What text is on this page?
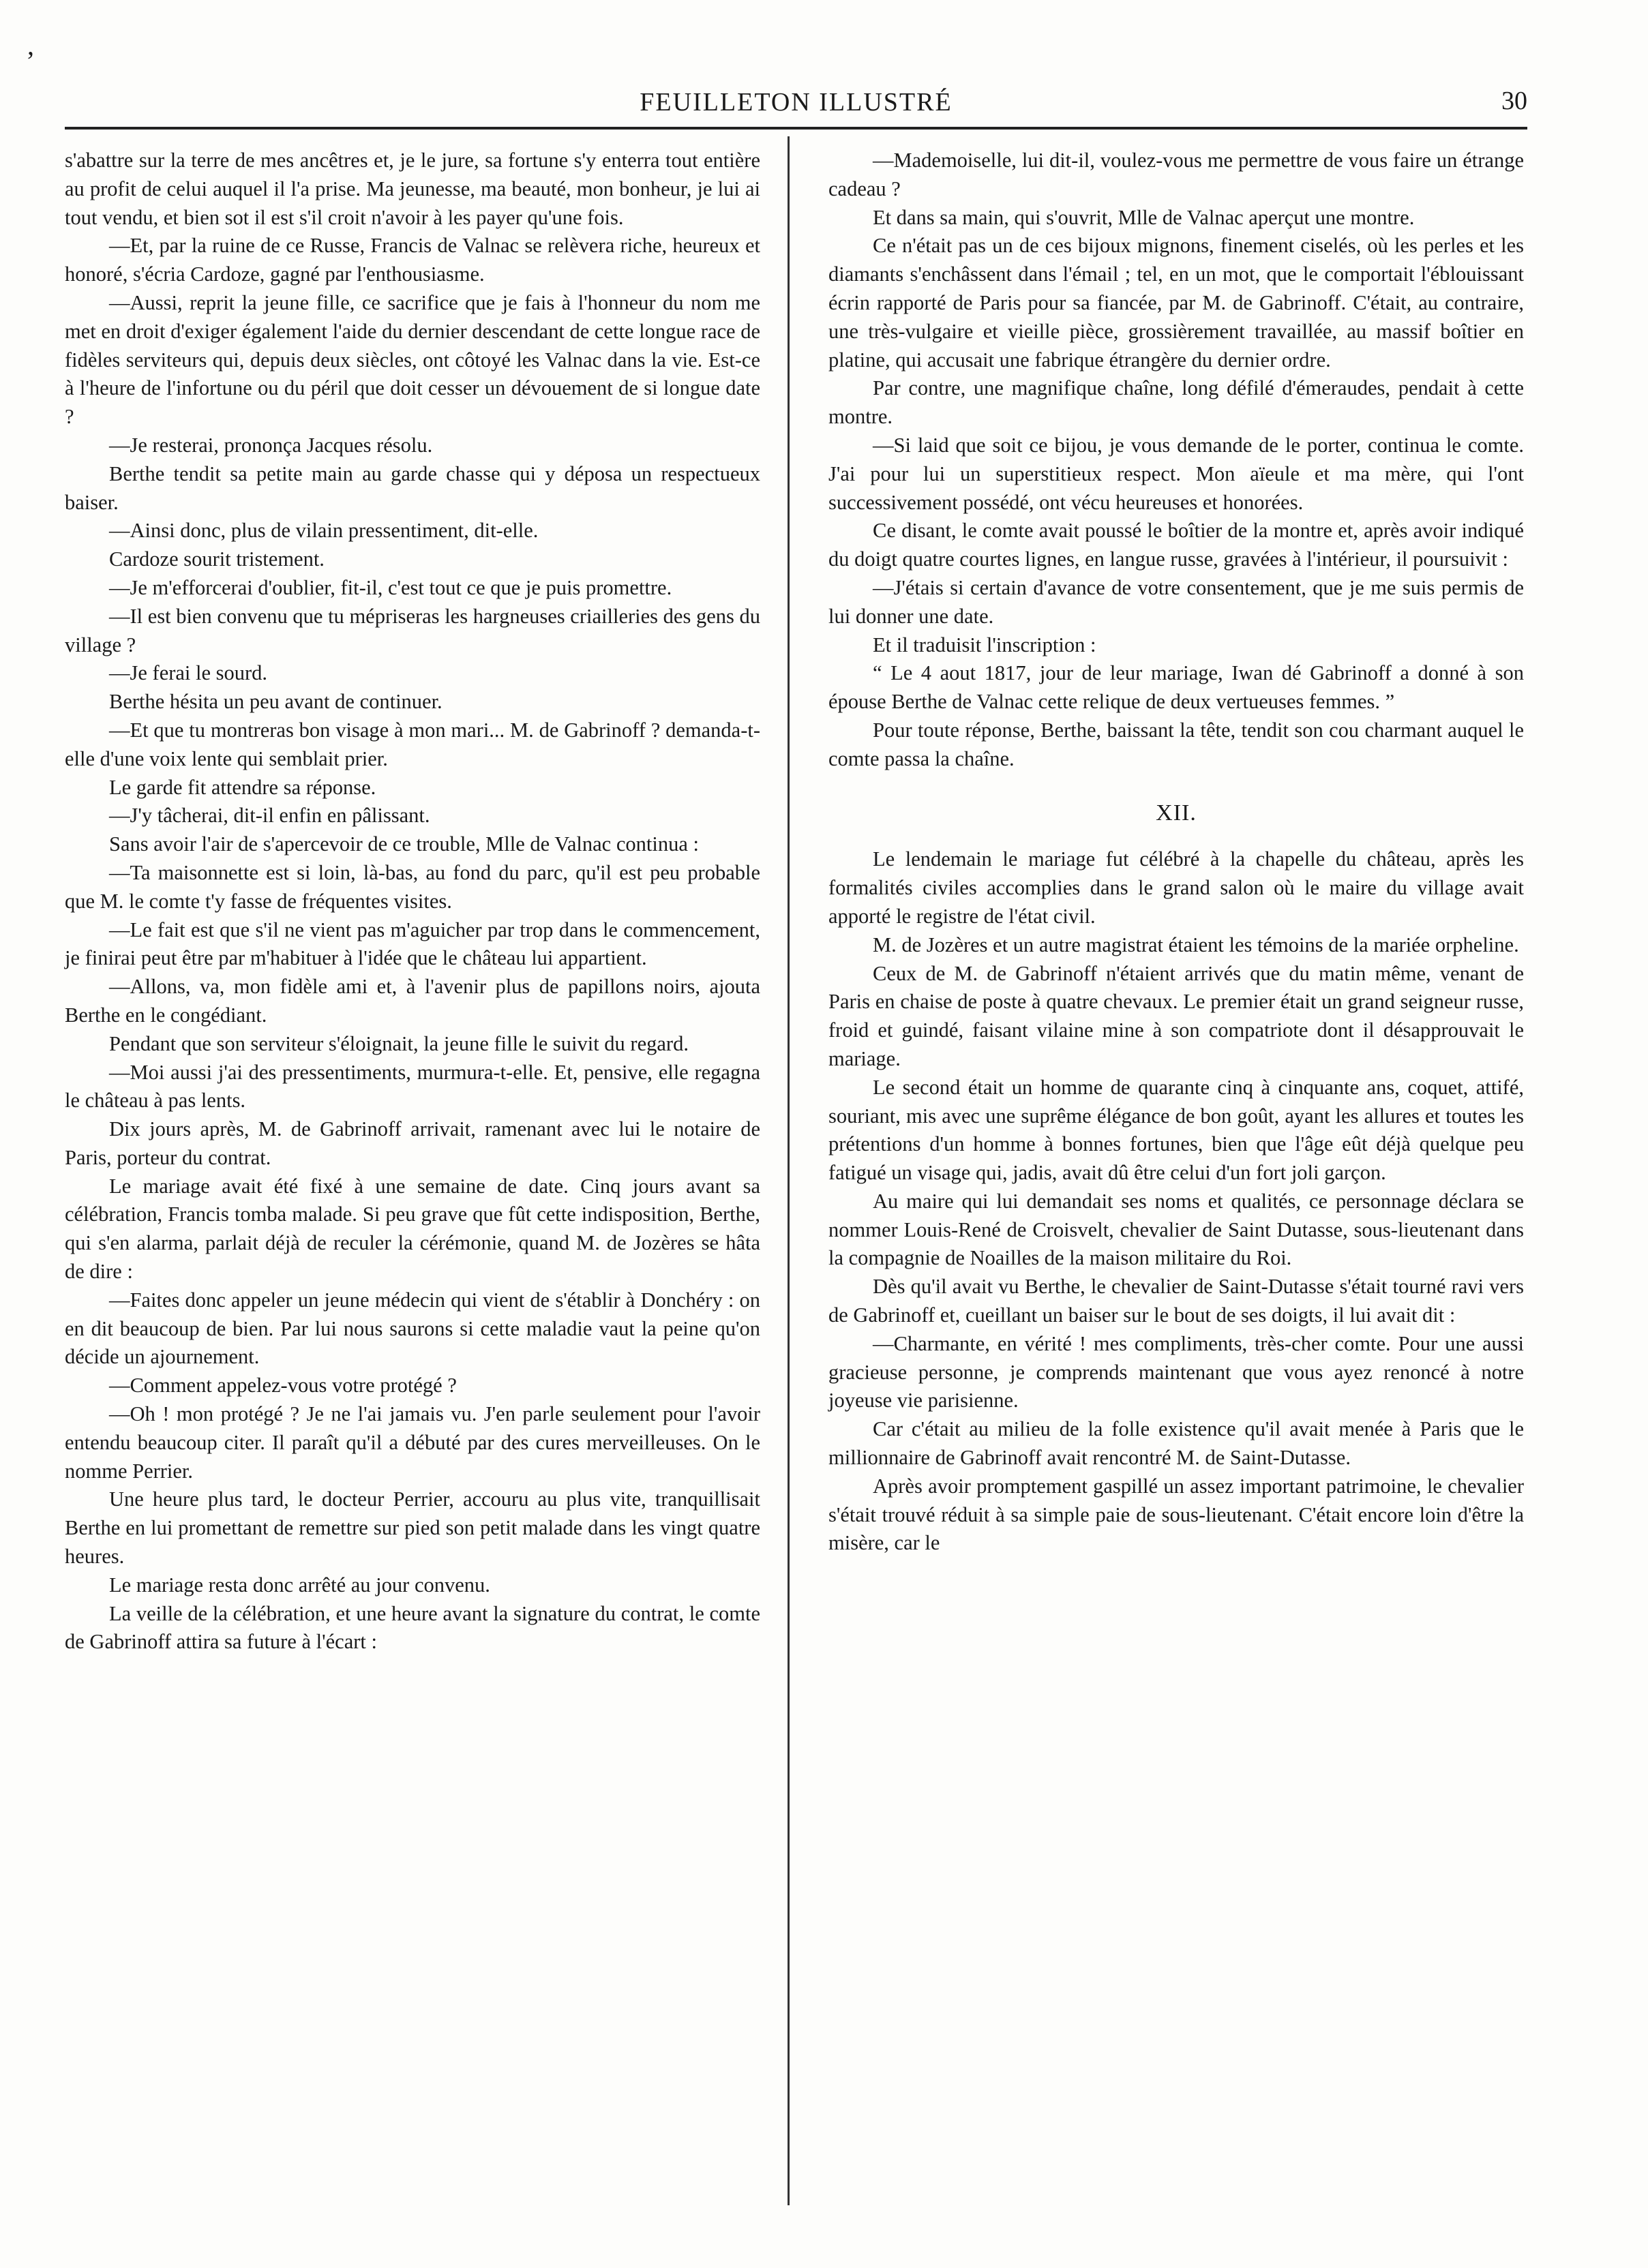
ʼ
FEUILLETON ILLUSTRÉ	30

s'abattre sur la terre de mes ancêtres et, je le jure, sa fortune s'y enterra tout entière au profit de celui auquel il l'a prise. Ma jeunesse, ma beauté, mon bonheur, je lui ai tout vendu, et bien sot il est s'il croit n'avoir à les payer qu'une fois.

—Et, par la ruine de ce Russe, Francis de Valnac se relèvera riche, heureux et honoré, s'écria Cardoze, gagné par l'enthousiasme.

—Aussi, reprit la jeune fille, ce sacrifice que je fais à l'honneur du nom me met en droit d'exiger également l'aide du dernier descendant de cette longue race de fidèles serviteurs qui, depuis deux siècles, ont côtoyé les Valnac dans la vie. Est-ce à l'heure de l'infortune ou du péril que doit cesser un dévouement de si longue date ?

—Je resterai, prononça Jacques résolu.

Berthe tendit sa petite main au garde chasse qui y déposa un respectueux baiser.

—Ainsi donc, plus de vilain pressentiment, dit-elle.

Cardoze sourit tristement.

—Je m'efforcerai d'oublier, fit-il, c'est tout ce que je puis promettre.

—Il est bien convenu que tu mépriseras les hargneuses criailleries des gens du village ?

—Je ferai le sourd.

Berthe hésita un peu avant de continuer.

—Et que tu montreras bon visage à mon mari... M. de Gabrinoff ? demanda-t-elle d'une voix lente qui semblait prier.

Le garde fit attendre sa réponse.

—J'y tâcherai, dit-il enfin en pâlissant.

Sans avoir l'air de s'apercevoir de ce trouble, Mlle de Valnac continua :

—Ta maisonnette est si loin, là-bas, au fond du parc, qu'il est peu probable que M. le comte t'y fasse de fréquentes visites.

—Le fait est que s'il ne vient pas m'aguicher par trop dans le commencement, je finirai peut être par m'habituer à l'idée que le château lui appartient.

—Allons, va, mon fidèle ami et, à l'avenir plus de papillons noirs, ajouta Berthe en le congédiant.

Pendant que son serviteur s'éloignait, la jeune fille le suivit du regard.

—Moi aussi j'ai des pressentiments, murmura-t-elle. Et, pensive, elle regagna le château à pas lents.

Dix jours après, M. de Gabrinoff arrivait, ramenant avec lui le notaire de Paris, porteur du contrat.

Le mariage avait été fixé à une semaine de date. Cinq jours avant sa célébration, Francis tomba malade. Si peu grave que fût cette indisposition, Berthe, qui s'en alarma, parlait déjà de reculer la cérémonie, quand M. de Jozères se hâta de dire :

—Faites donc appeler un jeune médecin qui vient de s'établir à Donchéry : on en dit beaucoup de bien. Par lui nous saurons si cette maladie vaut la peine qu'on décide un ajournement.

—Comment appelez-vous votre protégé ?

—Oh ! mon protégé ? Je ne l'ai jamais vu. J'en parle seulement pour l'avoir entendu beaucoup citer. Il paraît qu'il a débuté par des cures merveilleuses. On le nomme Perrier.

Une heure plus tard, le docteur Perrier, accouru au plus vite, tranquillisait Berthe en lui promettant de remettre sur pied son petit malade dans les vingt quatre heures.

Le mariage resta donc arrêté au jour convenu.

La veille de la célébration, et une heure avant la signature du contrat, le comte de Gabrinoff attira sa future à l'écart :

—Mademoiselle, lui dit-il, voulez-vous me permettre de vous faire un étrange cadeau ?

Et dans sa main, qui s'ouvrit, Mlle de Valnac aperçut une montre.

Ce n'était pas un de ces bijoux mignons, finement ciselés, où les perles et les diamants s'enchâssent dans l'émail ; tel, en un mot, que le comportait l'éblouissant écrin rapporté de Paris pour sa fiancée, par M. de Gabrinoff. C'était, au contraire, une très-vulgaire et vieille pièce, grossièrement travaillée, au massif boîtier en platine, qui accusait une fabrique étrangère du dernier ordre.

Par contre, une magnifique chaîne, long défilé d'émeraudes, pendait à cette montre.

—Si laid que soit ce bijou, je vous demande de le porter, continua le comte. J'ai pour lui un superstitieux respect. Mon aïeule et ma mère, qui l'ont successivement possédé, ont vécu heureuses et honorées.

Ce disant, le comte avait poussé le boîtier de la montre et, après avoir indiqué du doigt quatre courtes lignes, en langue russe, gravées à l'intérieur, il poursuivit :

—J'étais si certain d'avance de votre consentement, que je me suis permis de lui donner une date.

Et il traduisit l'inscription :

“ Le 4 aout 1817, jour de leur mariage, Iwan dé Gabrinoff a donné à son épouse Berthe de Valnac cette relique de deux vertueuses femmes. ”

Pour toute réponse, Berthe, baissant la tête, tendit son cou charmant auquel le comte passa la chaîne.

XII.

Le lendemain le mariage fut célébré à la chapelle du château, après les formalités civiles accomplies dans le grand salon où le maire du village avait apporté le registre de l'état civil.

M. de Jozères et un autre magistrat étaient les témoins de la mariée orpheline.

Ceux de M. de Gabrinoff n'étaient arrivés que du matin même, venant de Paris en chaise de poste à quatre chevaux. Le premier était un grand seigneur russe, froid et guindé, faisant vilaine mine à son compatriote dont il désapprouvait le mariage.

Le second était un homme de quarante cinq à cinquante ans, coquet, attifé, souriant, mis avec une suprême élégance de bon goût, ayant les allures et toutes les prétentions d'un homme à bonnes fortunes, bien que l'âge eût déjà quelque peu fatigué un visage qui, jadis, avait dû être celui d'un fort joli garçon.

Au maire qui lui demandait ses noms et qualités, ce personnage déclara se nommer Louis-René de Croisvelt, chevalier de Saint Dutasse, sous-lieutenant dans la compagnie de Noailles de la maison militaire du Roi.

Dès qu'il avait vu Berthe, le chevalier de Saint-Dutasse s'était tourné ravi vers de Gabrinoff et, cueillant un baiser sur le bout de ses doigts, il lui avait dit :

—Charmante, en vérité ! mes compliments, très-cher comte. Pour une aussi gracieuse personne, je comprends maintenant que vous ayez renoncé à notre joyeuse vie parisienne.

Car c'était au milieu de la folle existence qu'il avait menée à Paris que le millionnaire de Gabrinoff avait rencontré M. de Saint-Dutasse.

Après avoir promptement gaspillé un assez important patrimoine, le chevalier s'était trouvé réduit à sa simple paie de sous-lieutenant. C'était encore loin d'être la misère, car le
